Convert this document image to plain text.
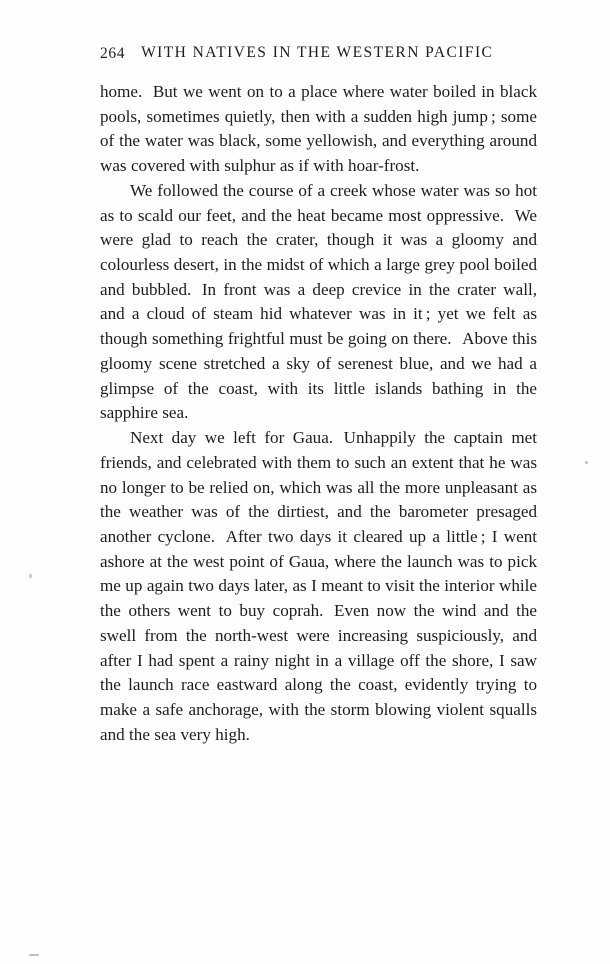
264 WITH NATIVES IN THE WESTERN PACIFIC

home. But we went on to a place where water boiled in black pools, sometimes quietly, then with a sudden high jump ; some of the water was black, some yellowish, and everything around was covered with sulphur as if with hoar-frost.

We followed the course of a creek whose water was so hot as to scald our feet, and the heat became most oppressive. We were glad to reach the crater, though it was a gloomy and colourless desert, in the midst of which a large grey pool boiled and bubbled. In front was a deep crevice in the crater wall, and a cloud of steam hid whatever was in it ; yet we felt as though something frightful must be going on there. Above this gloomy scene stretched a sky of serenest blue, and we had a glimpse of the coast, with its little islands bathing in the sapphire sea.

Next day we left for Gaua. Unhappily the captain met friends, and celebrated with them to such an extent that he was no longer to be relied on, which was all the more unpleasant as the weather was of the dirtiest, and the barometer presaged another cyclone. After two days it cleared up a little ; I went ashore at the west point of Gaua, where the launch was to pick me up again two days later, as I meant to visit the interior while the others went to buy coprah. Even now the wind and the swell from the north-west were increasing suspiciously, and after I had spent a rainy night in a village off the shore, I saw the launch race eastward along the coast, evidently trying to make a safe anchorage, with the storm blowing violent squalls and the sea very high.
